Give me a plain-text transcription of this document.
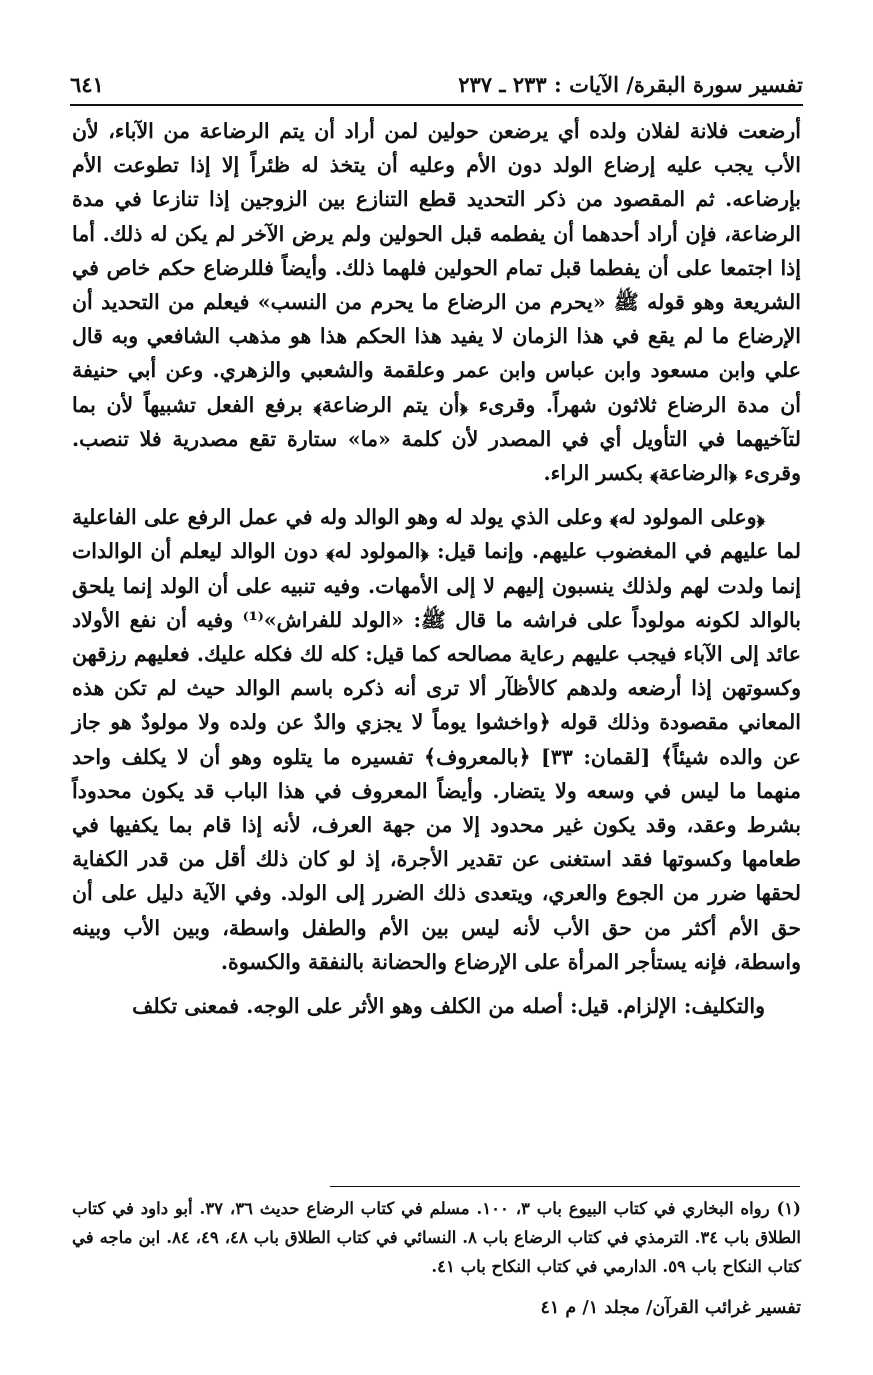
تفسير سورة البقرة/ الآيات : ٢٣٣ ـ ٢٣٧
٦٤١

أرضعت فلانة لفلان ولده أي يرضعن حولين لمن أراد أن يتم الرضاعة من الآباء، لأن الأب يجب عليه إرضاع الولد دون الأم وعليه أن يتخذ له ظئراً إلا إذا تطوعت الأم بإرضاعه. ثم المقصود من ذكر التحديد قطع التنازع بين الزوجين إذا تنازعا في مدة الرضاعة، فإن أراد أحدهما أن يفطمه قبل الحولين ولم يرض الآخر لم يكن له ذلك. أما إذا اجتمعا على أن يفطما قبل تمام الحولين فلهما ذلك. وأيضاً فللرضاع حكم خاص في الشريعة وهو قوله ﷺ «يحرم من الرضاع ما يحرم من النسب» فيعلم من التحديد أن الإرضاع ما لم يقع في هذا الزمان لا يفيد هذا الحكم هذا هو مذهب الشافعي وبه قال علي وابن مسعود وابن عباس وابن عمر وعلقمة والشعبي والزهري. وعن أبي حنيفة أن مدة الرضاع ثلاثون شهراً. وقرىء ﴿أن يتم الرضاعة﴾ برفع الفعل تشبيهاً لأن بما لتآخيهما في التأويل أي في المصدر لأن كلمة «ما» ستارة تقع مصدرية فلا تنصب. وقرىء ﴿الرضاعة﴾ بكسر الراء.

﴿وعلى المولود له﴾ وعلى الذي يولد له وهو الوالد وله في عمل الرفع على الفاعلية لما عليهم في المغضوب عليهم. وإنما قيل: ﴿المولود له﴾ دون الوالد ليعلم أن الوالدات إنما ولدت لهم ولذلك ينسبون إليهم لا إلى الأمهات. وفيه تنبيه على أن الولد إنما يلحق بالوالد لكونه مولوداً على فراشه ما قال ﷺ: «الولد للفراش»⁽¹⁾ وفيه أن نفع الأولاد عائد إلى الآباء فيجب عليهم رعاية مصالحه كما قيل: كله لك فكله عليك. فعليهم رزقهن وكسوتهن إذا أرضعه ولدهم كالأظآر ألا ترى أنه ذكره باسم الوالد حيث لم تكن هذه المعاني مقصودة وذلك قوله ﴿واخشوا يوماً لا يجزي والدٌ عن ولده ولا مولودٌ هو جاز عن والده شيئاً﴾ [لقمان: ٣٣] ﴿بالمعروف﴾ تفسيره ما يتلوه وهو أن لا يكلف واحد منهما ما ليس في وسعه ولا يتضار. وأيضاً المعروف في هذا الباب قد يكون محدوداً بشرط وعقد، وقد يكون غير محدود إلا من جهة العرف، لأنه إذا قام بما يكفيها في طعامها وكسوتها فقد استغنى عن تقدير الأجرة، إذ لو كان ذلك أقل من قدر الكفاية لحقها ضرر من الجوع والعري، ويتعدى ذلك الضرر إلى الولد. وفي الآية دليل على أن حق الأم أكثر من حق الأب لأنه ليس بين الأم والطفل واسطة، وبين الأب وبينه واسطة، فإنه يستأجر المرأة على الإرضاع والحضانة بالنفقة والكسوة.

والتكليف: الإلزام. قيل: أصله من الكلف وهو الأثر على الوجه. فمعنى تكلف

(١) رواه البخاري في كتاب البيوع باب ٣، ١٠٠. مسلم في كتاب الرضاع حديث ٣٦، ٣٧. أبو داود في كتاب الطلاق باب ٣٤. الترمذي في كتاب الرضاع باب ٨. النسائي في كتاب الطلاق باب ٤٨، ٤٩، ٨٤. ابن ماجه في كتاب النكاح باب ٥٩. الدارمي في كتاب النكاح باب ٤١.

تفسير غرائب القرآن/ مجلد ١/ م ٤١
